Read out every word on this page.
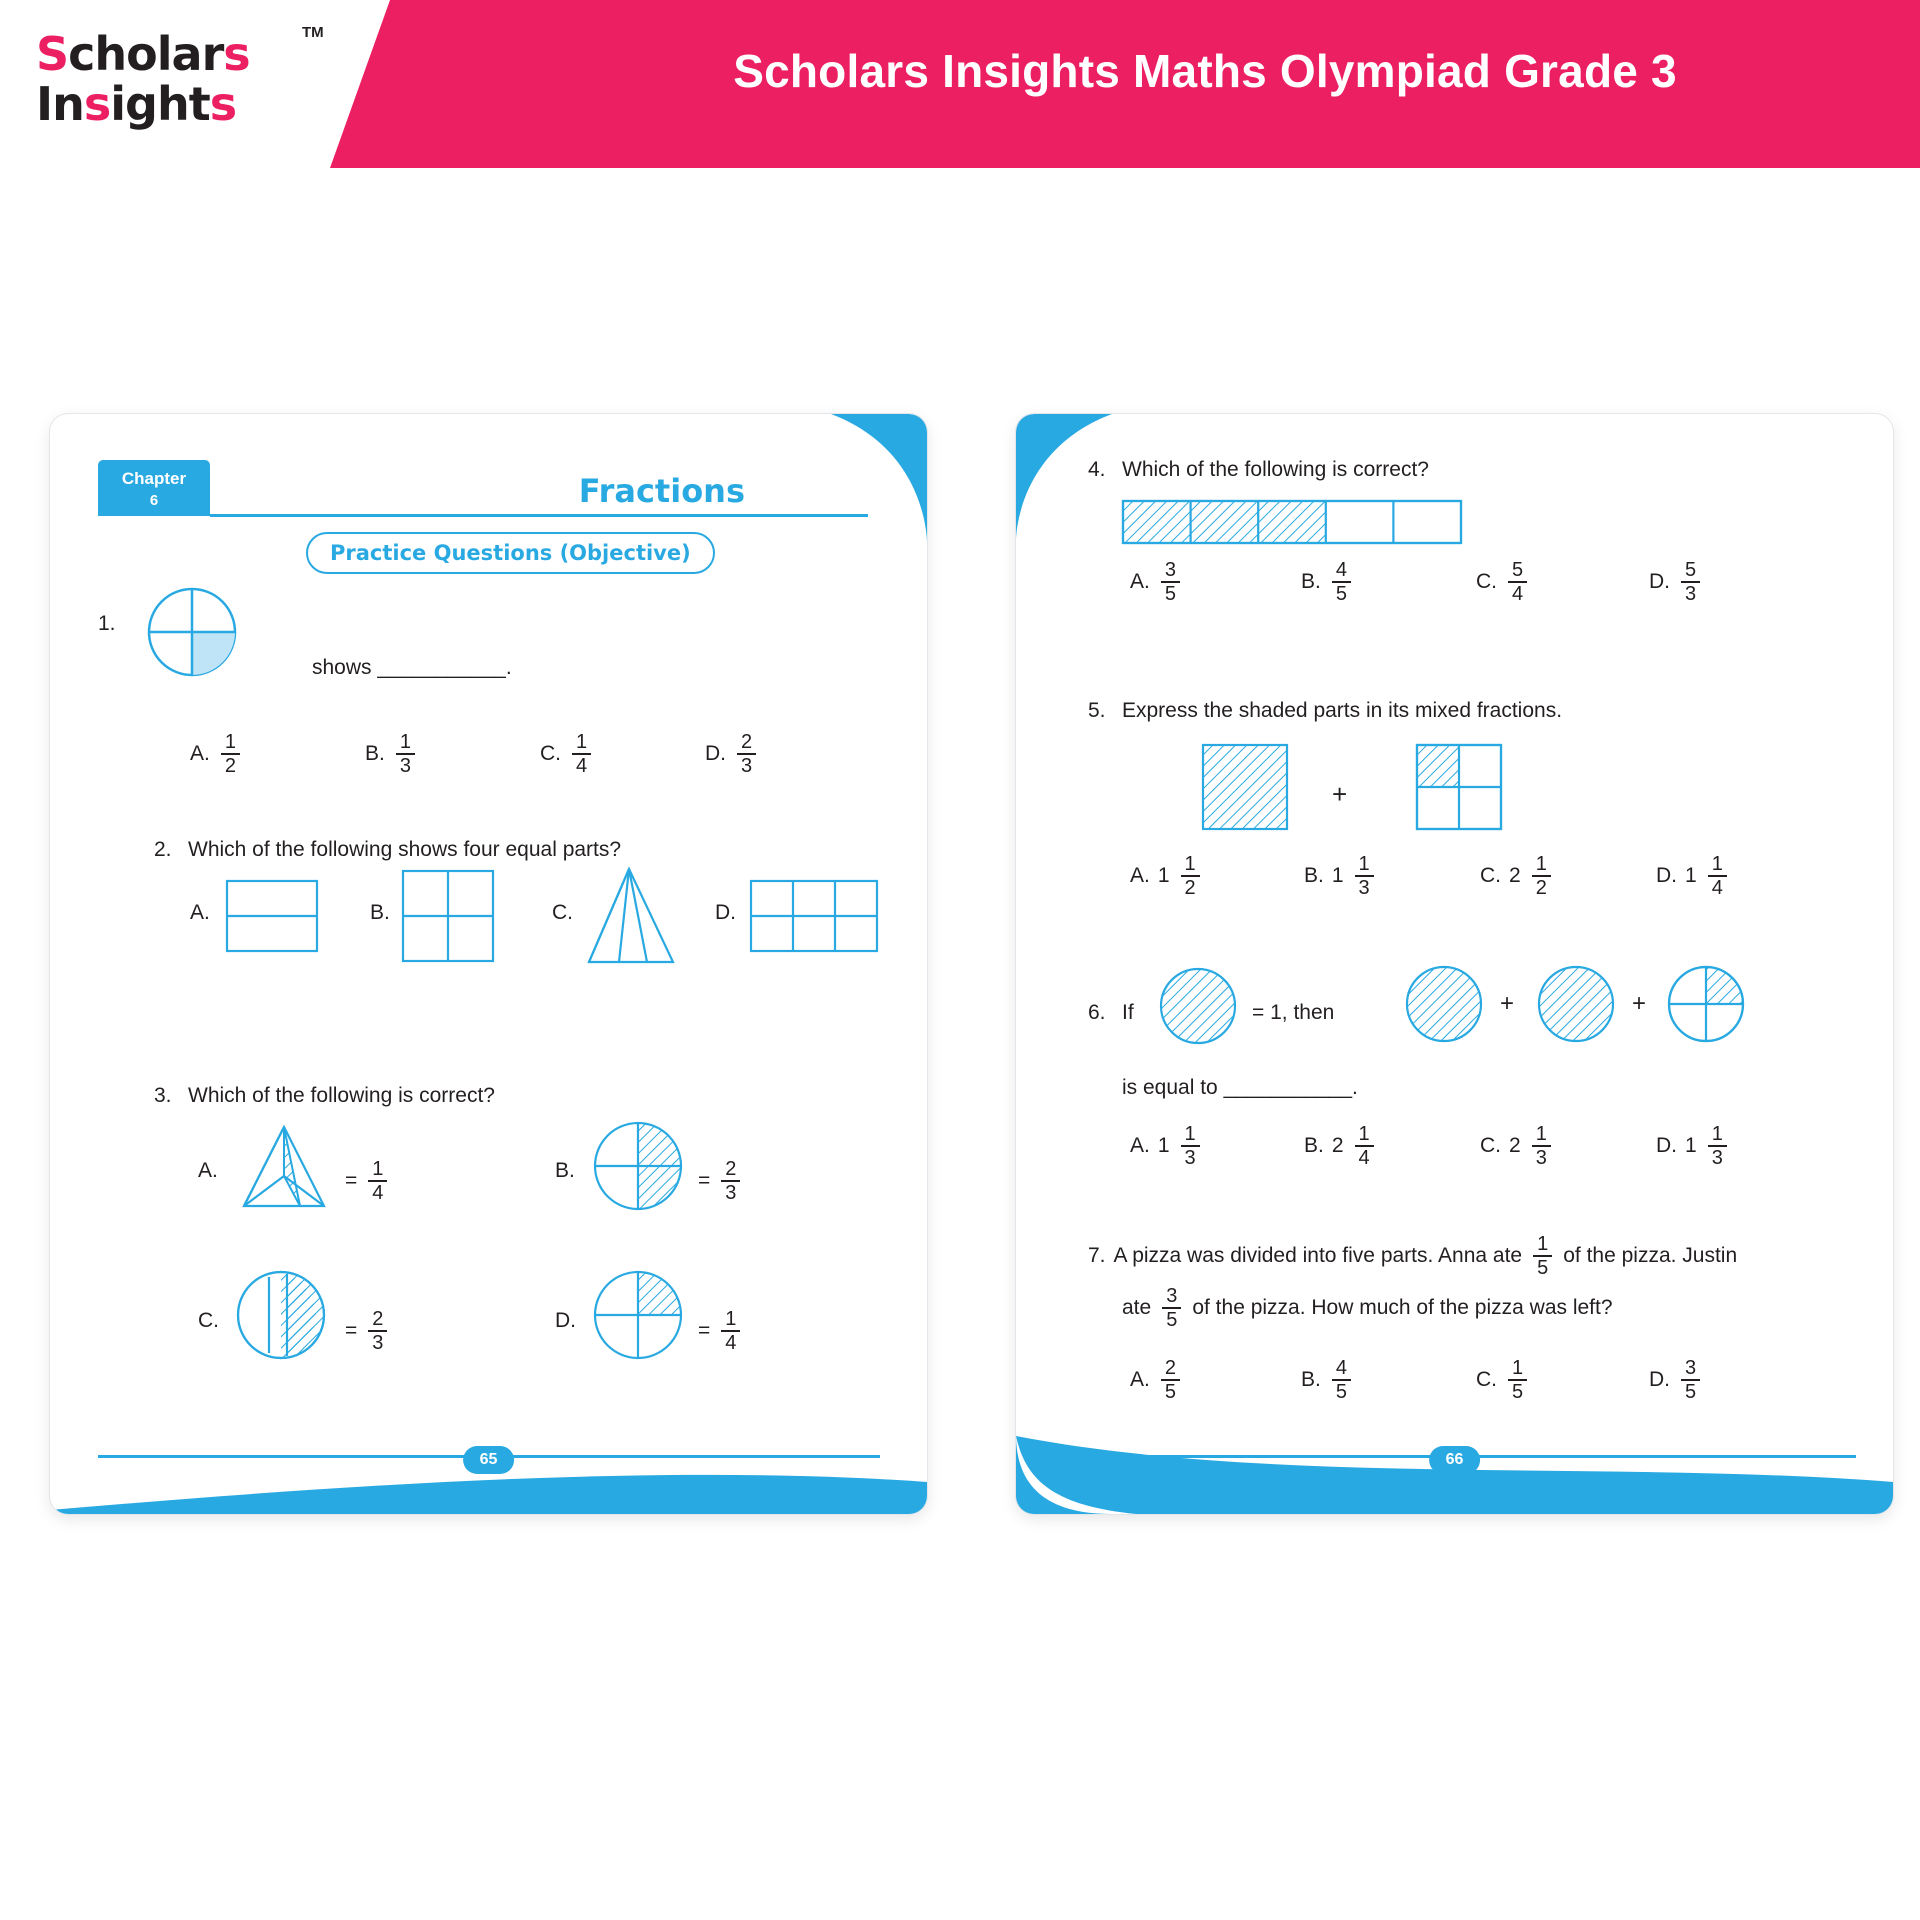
Scholars Insights Maths Olympiad Grade 3
Scholars
Insights
TM
Chapter
6	Fractions
Practice Questions (Objective)
1.
shows ___________.
A. $\frac{1}{2}$	B. $\frac{1}{3}$	C. $\frac{1}{4}$	D. $\frac{2}{3}$
2. Which of the following shows four equal parts?
A.	B.	C.	D.
3. Which of the following is correct?
A.	= $\frac{1}{4}$	B.	= $\frac{2}{3}$
C.	= $\frac{2}{3}$	D.	= $\frac{1}{4}$
65
4. Which of the following is correct?
A. $\frac{3}{5}$	B. $\frac{4}{5}$	C. $\frac{5}{4}$	D. $\frac{5}{3}$
5. Express the shaded parts in its mixed fractions.
+
A. $1 \frac{1}{2}$	B. $1 \frac{1}{3}$	C. $2 \frac{1}{2}$	D. $1 \frac{1}{4}$
6. If	= 1, then	+	+
is equal to ___________.
A. $1 \frac{1}{3}$	B. $2 \frac{1}{4}$	C. $2 \frac{1}{3}$	D. $1 \frac{1}{3}$
7. A pizza was divided into five parts. Anna ate $\frac{1}{5}$ of the pizza. Justin
ate $\frac{3}{5}$ of the pizza. How much of the pizza was left?
A. $\frac{2}{5}$	B. $\frac{4}{5}$	C. $\frac{1}{5}$	D. $\frac{3}{5}$
66
